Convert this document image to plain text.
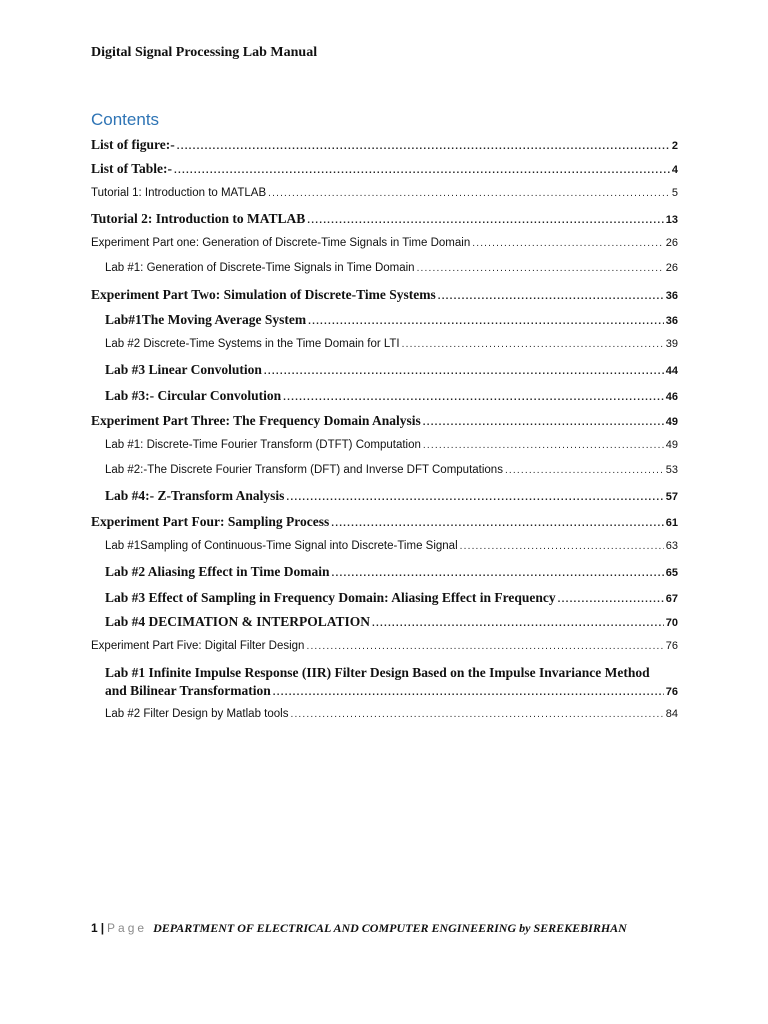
Digital Signal Processing Lab Manual
Contents
List of figure:- .....	2
List of Table:- .....	4
Tutorial 1: Introduction to MATLAB .....	5
Tutorial 2: Introduction to MATLAB .....	13
Experiment Part one: Generation of Discrete-Time Signals in Time Domain .....	26
Lab #1: Generation of Discrete-Time Signals in Time Domain .....	26
Experiment Part Two: Simulation of Discrete-Time Systems .....	36
Lab#1The Moving Average System .....	36
Lab #2 Discrete-Time Systems in the Time Domain for LTI .....	39
Lab #3 Linear Convolution .....	44
Lab #3:- Circular Convolution .....	46
Experiment Part Three: The Frequency Domain Analysis .....	49
Lab #1: Discrete-Time Fourier Transform (DTFT) Computation .....	49
Lab #2:-The Discrete Fourier Transform (DFT) and Inverse DFT Computations .....	53
Lab #4:- Z-Transform Analysis .....	57
Experiment Part Four: Sampling Process .....	61
Lab #1Sampling of Continuous-Time Signal into Discrete-Time Signal .....	63
Lab #2 Aliasing Effect in Time Domain .....	65
Lab #3 Effect of Sampling in Frequency Domain: Aliasing Effect in Frequency .....	67
Lab #4 DECIMATION & INTERPOLATION .....	70
Experiment Part Five: Digital Filter Design .....	76
Lab #1 Infinite Impulse Response (IIR) Filter Design Based on the Impulse Invariance Method
and Bilinear Transformation .....	76
Lab #2 Filter Design by Matlab tools .....	84
1 | Page DEPARTMENT OF ELECTRICAL AND COMPUTER ENGINEERING by SEREKEBIRHAN
